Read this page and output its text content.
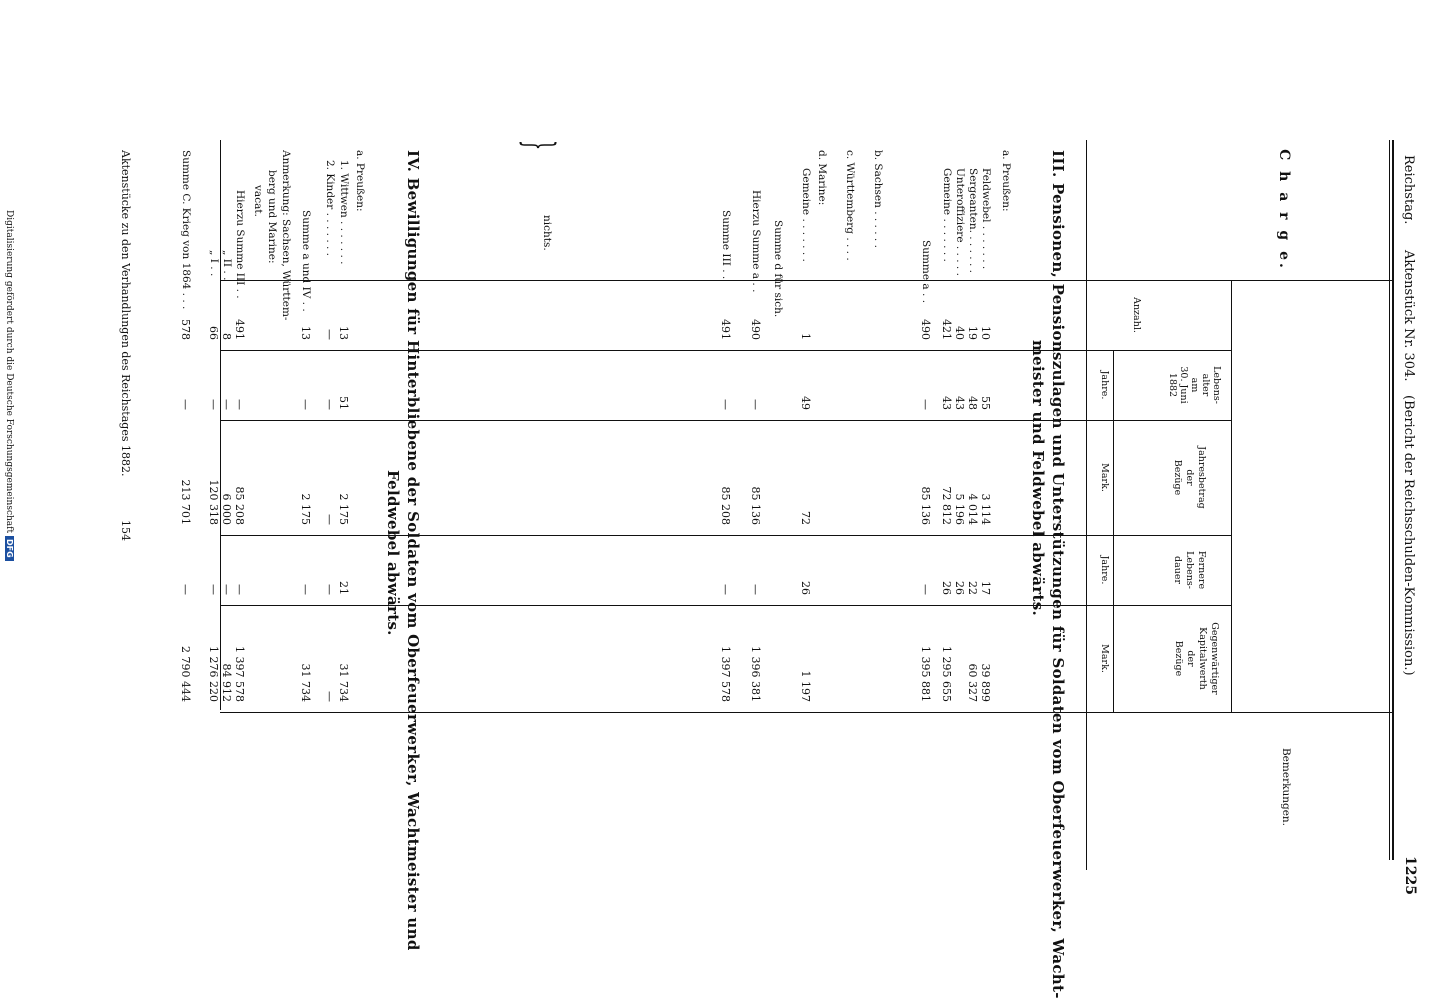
Reichstag.
Aktenstück Nr. 304.
(Bericht der Reichsschulden-Kommission.)
1225
C h a r g e.
Anzahl.
Lebens-
alter
am
30. Juni
1882
Jahre.
Jahresbetrag
der
Bezüge
Mark.
Fernere
Lebens-
dauer
Jahre.
Gegenwärtiger
Kapitalwerth
der
Bezüge
Mark.
Bemerkungen.
III. Pensionen, Pensionszulagen und Unterstützungen für Soldaten vom Oberfeuerwerker, Wacht-
meister und Feldwebel abwärts.
a. Preußen:
Feldwebel . . . . . . .
10
55
3 114
17
39 899
Sergeanten. . . . . . .
19
48
4 014
22
60 327
Unteroffiziere . . . . .
40
43
5 196
26
Gemeine . . . . . . .
421
43
72 812
26
1 295 655
Summe a . .
490
—
85 136
—
1 395 881
b. Sachsen . . . . . .
c. Württemberg . . . .
d. Marine:
Gemeine . . . . . . .
1
49
72
26
1 197
Summe d für sich.
Hierzu Summe a . .
490
—
85 136
—
1 396 381
Summe III . .
491
—
85 208
—
1 397 578
nichts.
}
IV. Bewilligungen für Hinterbliebene der Soldaten vom Oberfeuerwerker, Wachtmeister und
Feldwebel abwärts.
a. Preußen:
1. Wittwen . . . . . . .
13
51
2 175
21
31 734
2. Kinder . . . . . . .
—
—
—
—
—
Summe a und IV . .
13
—
2 175
—
31 734
Anmerkung: Sachsen, Württem-
berg und Marine:
vacat.
Hierzu Summe III . .
491
—
85 208
—
1 397 578
„ II . .
8
—
6 000
—
84 912
„ I . .
66
—
120 318
—
1 276 220
Summe C. Krieg von 1864 . . .
578
—
213 701
—
2 790 444
Aktenstücke zu den Verhandlungen des Reichstages 1882.
154
Digitalisierung gefördert durch die Deutsche Forschungsgemeinschaft DFG
